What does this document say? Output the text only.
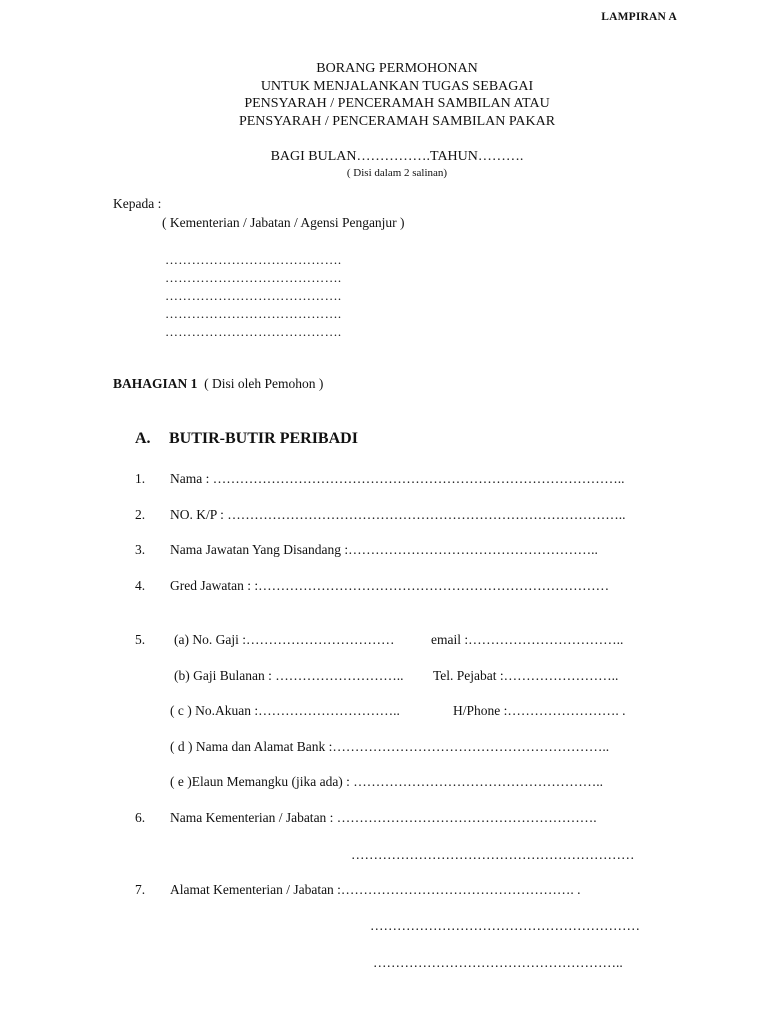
LAMPIRAN A
BORANG PERMOHONAN
UNTUK MENJALANKAN TUGAS SEBAGAI
PENSYARAH / PENCERAMAH SAMBILAN ATAU
PENSYARAH / PENCERAMAH SAMBILAN PAKAR
BAGI BULAN…………….TAHUN……….
( Disi dalam 2 salinan)
Kepada :
( Kementerian / Jabatan / Agensi Penganjur )
………………………………….
………………………………….
………………………………….
………………………………….
………………………………….
BAHAGIAN 1 ( Disi oleh Pemohon )
A. BUTIR-BUTIR PERIBADI
1. Nama : ………………………………………………………………………………..
2. NO. K/P : ……………………………………………………………………………..
3. Nama Jawatan Yang Disandang :………………………………………………..
4. Gred Jawatan : :……………………………………………………………………
5. (a) No. Gaji :……………………………	email :……………………………..
(b) Gaji Bulanan : ……………………….. Tel. Pejabat :……………………..
( c ) No.Akuan :…………………………..	H/Phone :……………………. .
( d ) Nama dan Alamat Bank :……………………………………………………..
( e )Elaun Memangku (jika ada) : ………………………………………………..
6. Nama Kementerian / Jabatan : ………………………………………………….
………………………………………………………
7. Alamat Kementerian / Jabatan :……………………………………………. .
……………………………………………………
………………………………………………..
